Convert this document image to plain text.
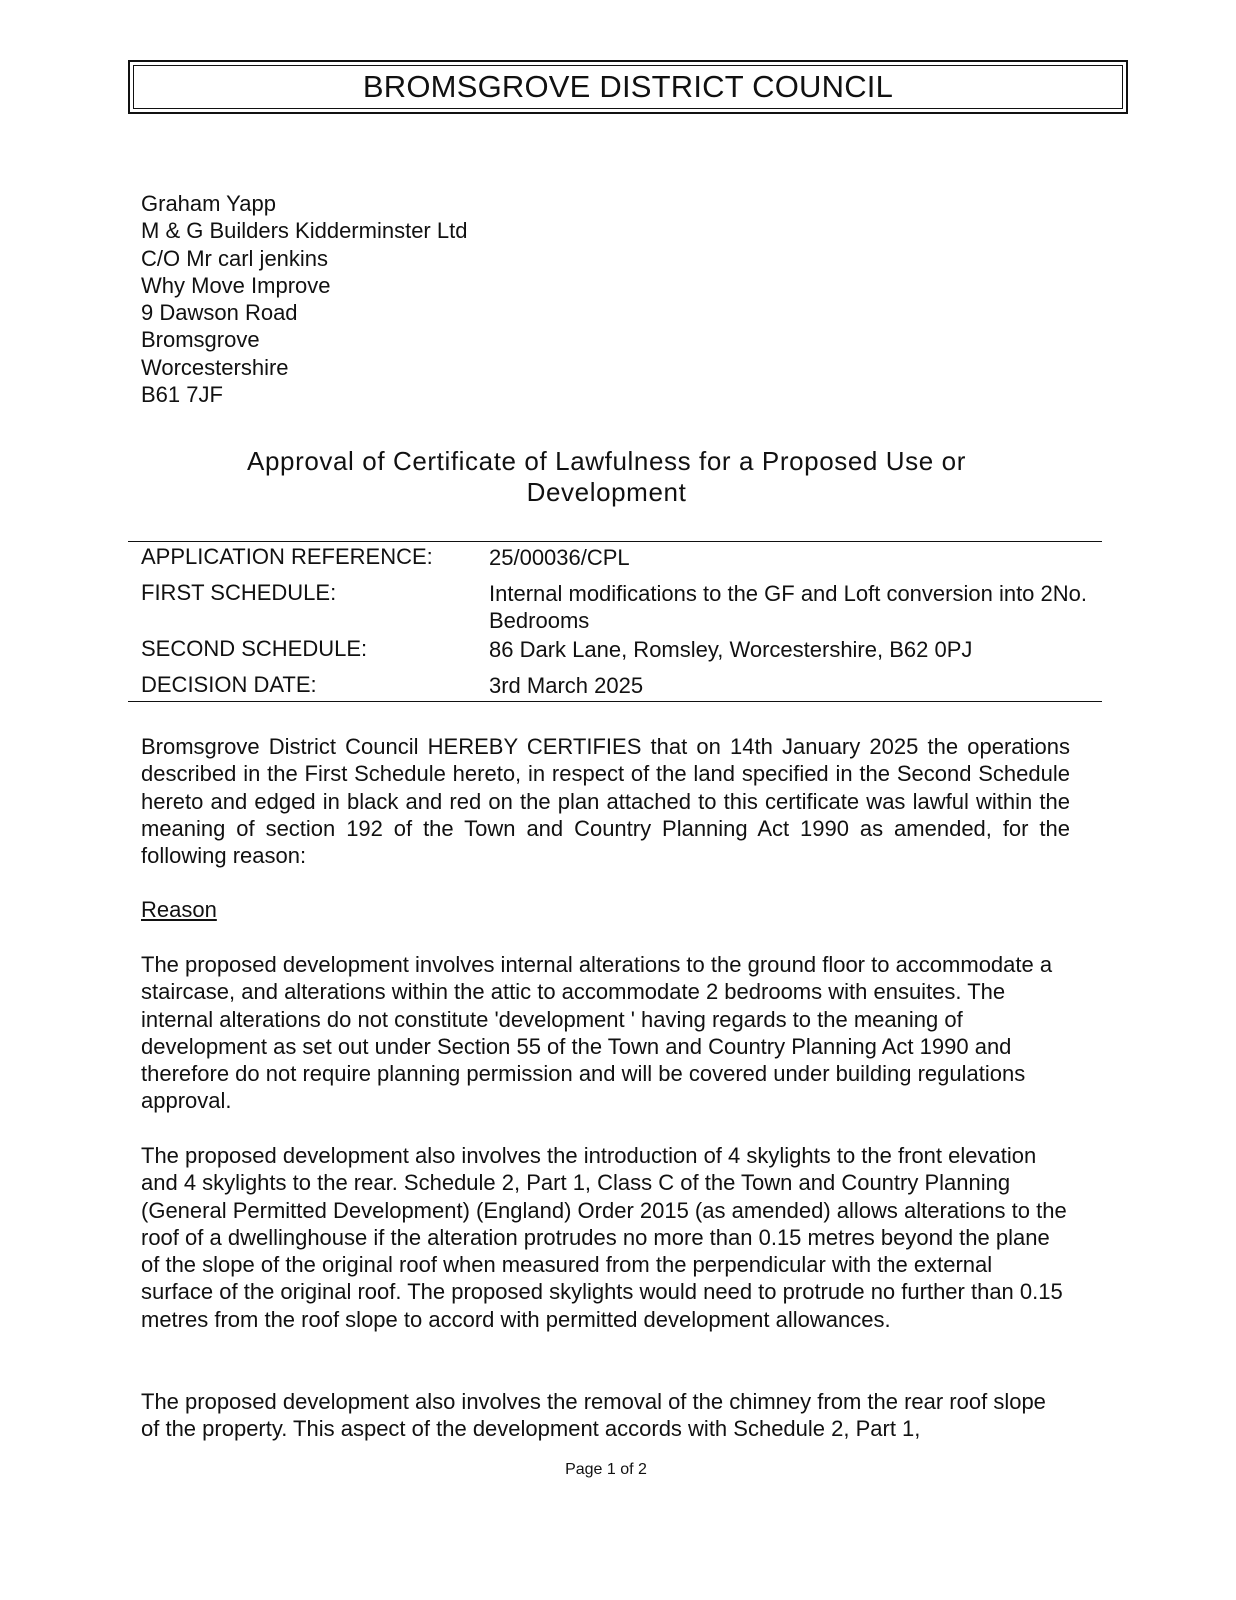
BROMSGROVE DISTRICT COUNCIL
Graham Yapp
M & G Builders Kidderminster Ltd
C/O Mr carl jenkins
Why Move Improve
9 Dawson Road
Bromsgrove
Worcestershire
B61 7JF
Approval of Certificate of Lawfulness for a Proposed Use or
Development
APPLICATION REFERENCE:	25/00036/CPL
FIRST SCHEDULE:	Internal modifications to the GF and Loft conversion into 2No. Bedrooms
SECOND SCHEDULE:	86 Dark Lane, Romsley, Worcestershire, B62 0PJ
DECISION DATE:	3rd March 2025
Bromsgrove District Council HEREBY CERTIFIES that on 14th January 2025 the operations described in the First Schedule hereto, in respect of the land specified in the Second Schedule hereto and edged in black and red on the plan attached to this certificate was lawful within the meaning of section 192 of the Town and Country Planning Act 1990 as amended, for the following reason:
Reason
The proposed development involves internal alterations to the ground floor to accommodate a staircase, and alterations within the attic to accommodate 2 bedrooms with ensuites. The internal alterations do not constitute 'development ' having regards to the meaning of development as set out under Section 55 of the Town and Country Planning Act 1990 and therefore do not require planning permission and will be covered under building regulations approval.
The proposed development also involves the introduction of 4 skylights to the front elevation and 4 skylights to the rear. Schedule 2, Part 1, Class C of the Town and Country Planning (General Permitted Development) (England) Order 2015 (as amended) allows alterations to the roof of a dwellinghouse if the alteration protrudes no more than 0.15 metres beyond the plane of the slope of the original roof when measured from the perpendicular with the external surface of the original roof. The proposed skylights would need to protrude no further than 0.15 metres from the roof slope to accord with permitted development allowances.
The proposed development also involves the removal of the chimney from the rear roof slope of the property. This aspect of the development accords with Schedule 2, Part 1,
Page 1 of 2
